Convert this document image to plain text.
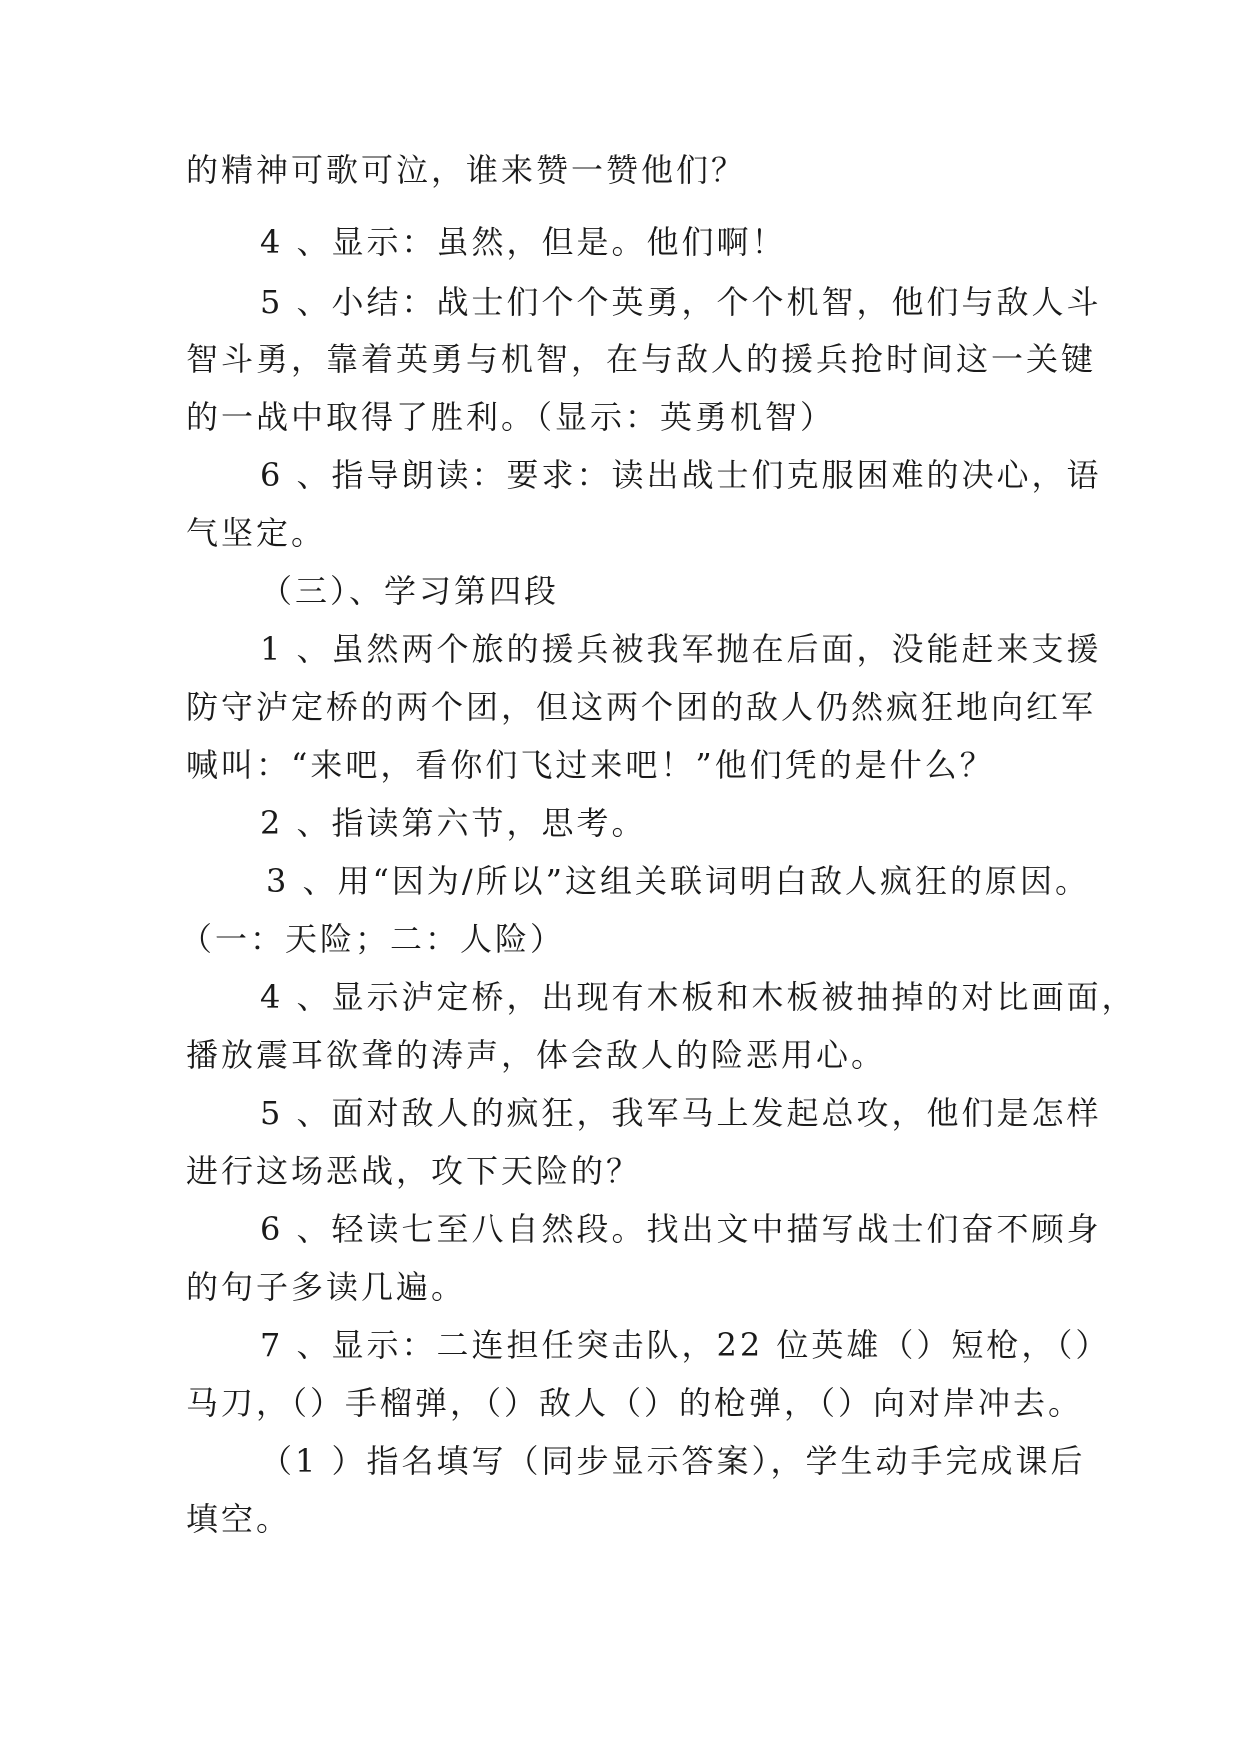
的精神可歌可泣，谁来赞一赞他们？
4 、显示：虽然，但是。他们啊！
5 、小结：战士们个个英勇，个个机智，他们与敌人斗
智斗勇，靠着英勇与机智，在与敌人的援兵抢时间这一关键
的一战中取得了胜利。（显示：英勇机智）
6 、指导朗读：要求：读出战士们克服困难的决心，语
气坚定。
（三）、学习第四段
1 、虽然两个旅的援兵被我军抛在后面，没能赶来支援
防守泸定桥的两个团，但这两个团的敌人仍然疯狂地向红军
喊叫：“来吧，看你们飞过来吧！”他们凭的是什么？
2 、指读第六节，思考。
3 、用“因为/所以”这组关联词明白敌人疯狂的原因。
（一：天险；二：人险）
4 、显示泸定桥，出现有木板和木板被抽掉的对比画面，
播放震耳欲聋的涛声，体会敌人的险恶用心。
5 、面对敌人的疯狂，我军马上发起总攻，他们是怎样
进行这场恶战，攻下天险的？
6 、轻读七至八自然段。找出文中描写战士们奋不顾身
的句子多读几遍。
7 、显示：二连担任突击队，22 位英雄（）短枪，（）
马刀，（）手榴弹，（）敌人（）的枪弹，（）向对岸冲去。
（1 ）指名填写（同步显示答案），学生动手完成课后
填空。
